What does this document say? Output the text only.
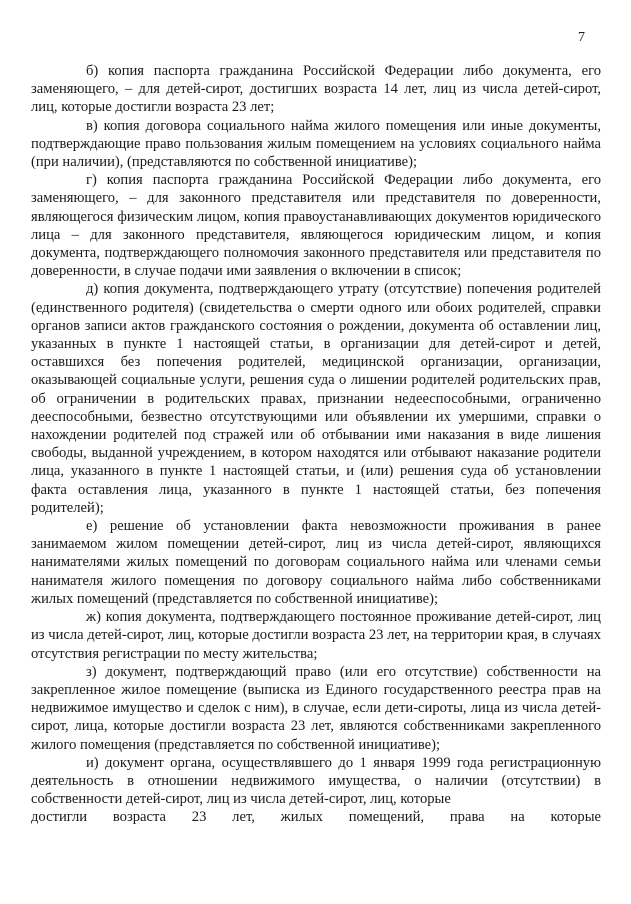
7

б) копия паспорта гражданина Российской Федерации либо документа, его заменяющего, – для детей-сирот, достигших возраста 14 лет, лиц из числа детей-сирот, лиц, которые достигли возраста 23 лет;

в) копия договора социального найма жилого помещения или иные документы, подтверждающие право пользования жилым помещением на условиях социального найма (при наличии), (представляются по собственной инициативе);

г) копия паспорта гражданина Российской Федерации либо документа, его заменяющего, – для законного представителя или представителя по доверенности, являющегося физическим лицом, копия правоустанавливающих документов юридического лица – для законного представителя, являющегося юридическим лицом, и копия документа, подтверждающего полномочия законного представителя или представителя по доверенности, в случае подачи ими заявления о включении в список;

д) копия документа, подтверждающего утрату (отсутствие) попечения родителей (единственного родителя) (свидетельства о смерти одного или обоих родителей, справки органов записи актов гражданского состояния о рождении, документа об оставлении лиц, указанных в пункте 1 настоящей статьи, в организации для детей-сирот и детей, оставшихся без попечения родителей, медицинской организации, организации, оказывающей социальные услуги, решения суда о лишении родителей родительских прав, об ограничении в родительских правах, признании недееспособными, ограниченно дееспособными, безвестно отсутствующими или объявлении их умершими, справки о нахождении родителей под стражей или об отбывании ими наказания в виде лишения свободы, выданной учреждением, в котором находятся или отбывают наказание родители лица, указанного в пункте 1 настоящей статьи, и (или) решения суда об установлении факта оставления лица, указанного в пункте 1 настоящей статьи, без попечения родителей);

е) решение об установлении факта невозможности проживания в ранее занимаемом жилом помещении детей-сирот, лиц из числа детей-сирот, являющихся нанимателями жилых помещений по договорам социального найма или членами семьи нанимателя жилого помещения по договору социального найма либо собственниками жилых помещений (представляется по собственной инициативе);

ж) копия документа, подтверждающего постоянное проживание детей-сирот, лиц из числа детей-сирот, лиц, которые достигли возраста 23 лет, на территории края, в случаях отсутствия регистрации по месту жительства;

з) документ, подтверждающий право (или его отсутствие) собственности на закрепленное жилое помещение (выписка из Единого государственного реестра прав на недвижимое имущество и сделок с ним), в случае, если дети-сироты, лица из числа детей-сирот, лица, которые достигли возраста 23 лет, являются собственниками закрепленного жилого помещения (представляется по собственной инициативе);

и) документ органа, осуществлявшего до 1 января 1999 года регистрационную деятельность в отношении недвижимого имущества, о наличии (отсутствии) в собственности детей-сирот, лиц из числа детей-сирот, лиц, которые

достигли возраста 23 лет, жилых помещений, права на которые
